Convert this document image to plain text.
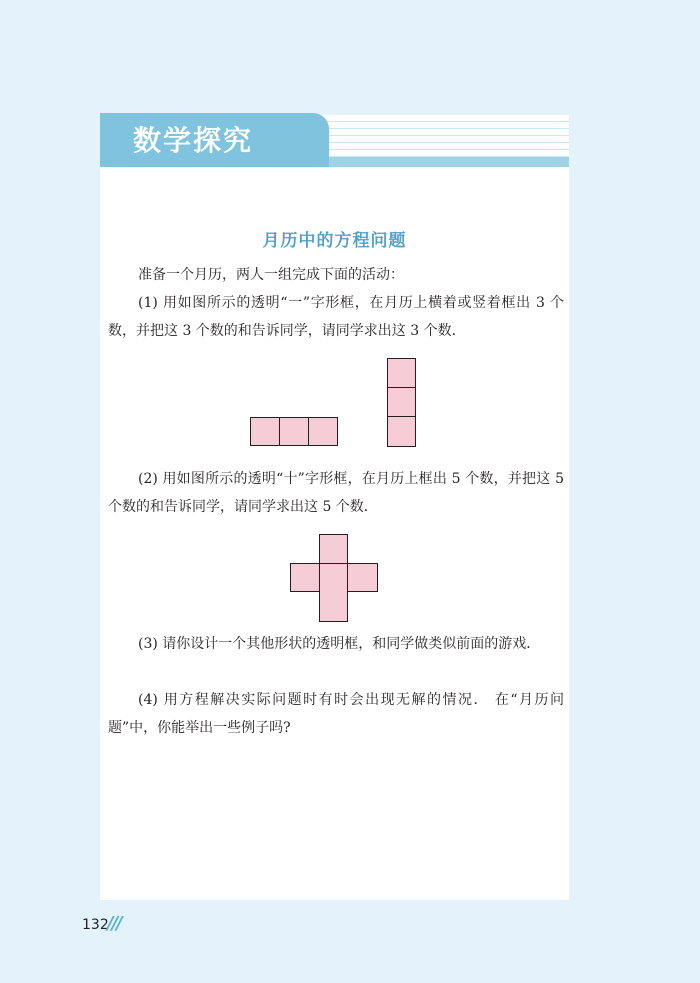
数学探究
月历中的方程问题

准备一个月历，两人一组完成下面的活动：

(1) 用如图所示的透明“一”字形框，在月历上横着或竖着框出 3 个数，并把这 3 个数的和告诉同学，请同学求出这 3 个数．

(2) 用如图所示的透明“十”字形框，在月历上框出 5 个数，并把这 5 个数的和告诉同学，请同学求出这 5 个数．

(3) 请你设计一个其他形状的透明框，和同学做类似前面的游戏．

(4) 用方程解决实际问题时有时会出现无解的情况． 在“月历问题”中，你能举出一些例子吗?

132
///
